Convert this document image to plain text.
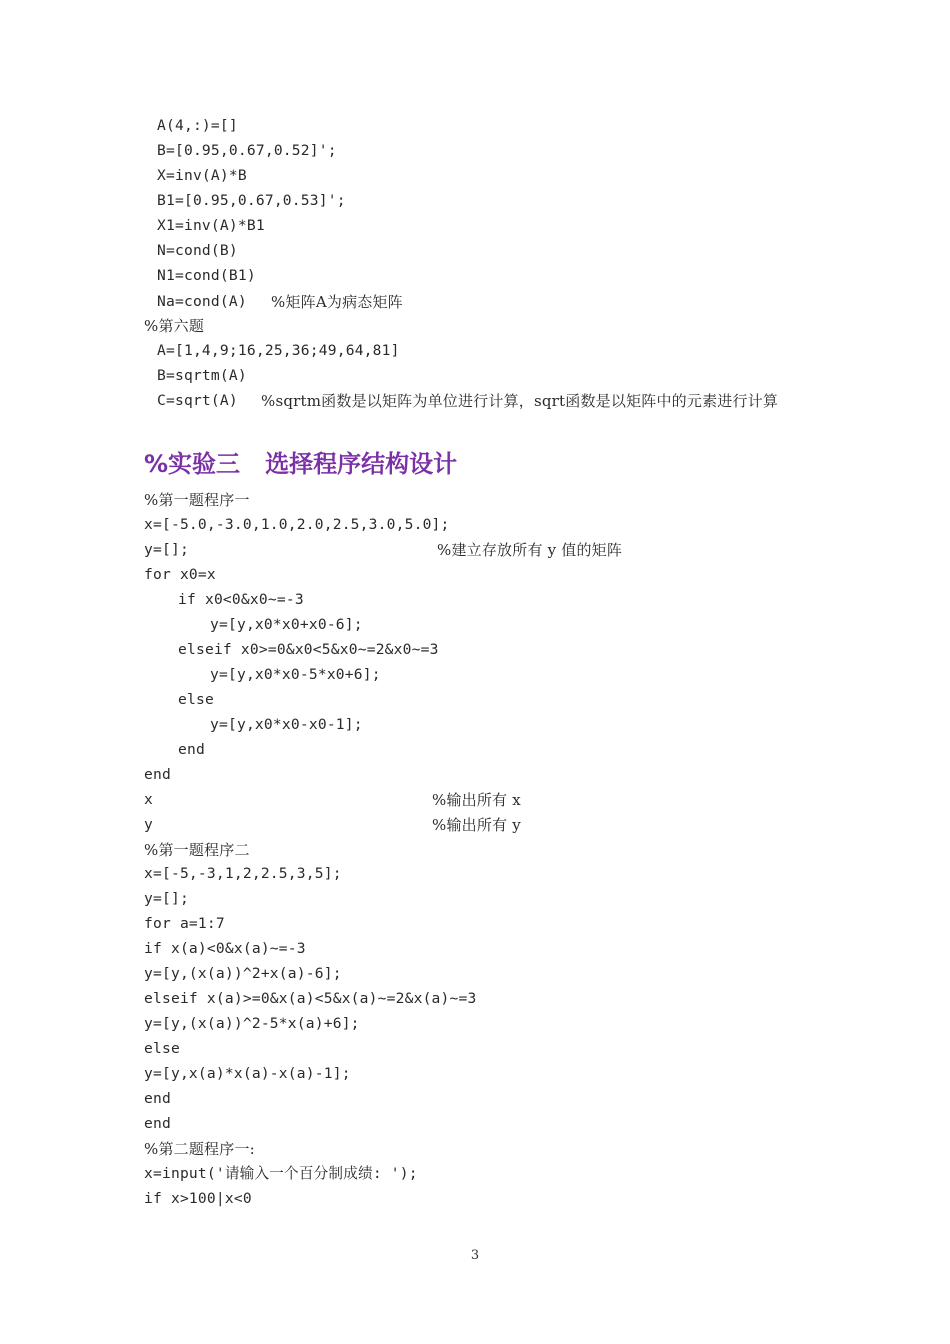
A(4,:)=[]
B=[0.95,0.67,0.52]';
X=inv(A)*B
B1=[0.95,0.67,0.53]';
X1=inv(A)*B1
N=cond(B)
N1=cond(B1)
Na=cond(A) %矩阵A为病态矩阵
%第六题
A=[1,4,9;16,25,36;49,64,81]
B=sqrtm(A)
C=sqrt(A) %sqrtm函数是以矩阵为单位进行计算，sqrt函数是以矩阵中的元素进行计算
%实验三   选择程序结构设计
%第一题程序一
x=[-5.0,-3.0,1.0,2.0,2.5,3.0,5.0];
y=[];	%建立存放所有 y 值的矩阵
for x0=x
if x0<0&x0~=-3
y=[y,x0*x0+x0-6];
elseif x0>=0&x0<5&x0~=2&x0~=3
y=[y,x0*x0-5*x0+6];
else
y=[y,x0*x0-x0-1];
end
end
x	%输出所有 x
y	%输出所有 y
%第一题程序二
x=[-5,-3,1,2,2.5,3,5];
y=[];
for a=1:7
if x(a)<0&x(a)~=-3
y=[y,(x(a))^2+x(a)-6];
elseif x(a)>=0&x(a)<5&x(a)~=2&x(a)~=3
y=[y,(x(a))^2-5*x(a)+6];
else
y=[y,x(a)*x(a)-x(a)-1];
end
end
%第二题程序一:
x=input('请输入一个百分制成绩: ');
if x>100|x<0
3
